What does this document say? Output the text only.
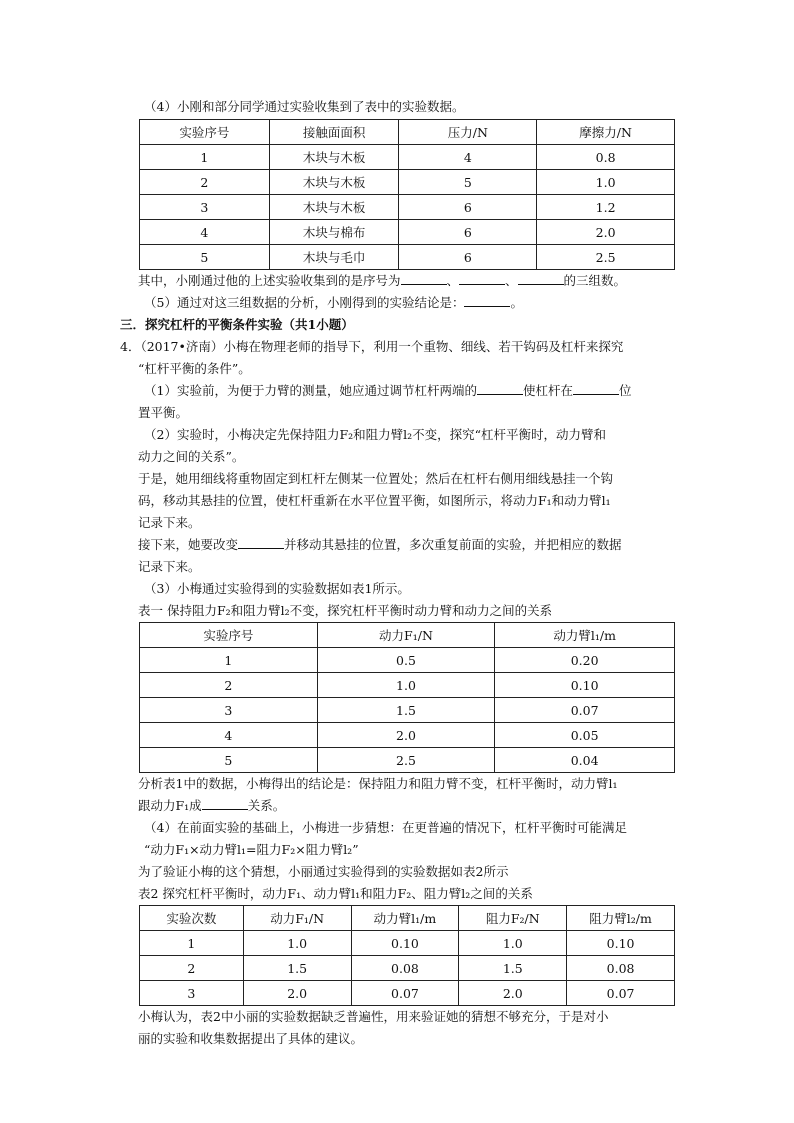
（4）小刚和部分同学通过实验收集到了表中的实验数据。

实验序号	接触面面积	压力/N	摩擦力/N
1	木块与木板	4	0.8
2	木块与木板	5	1.0
3	木块与木板	6	1.2
4	木块与棉布	6	2.0
5	木块与毛巾	6	2.5

其中，小刚通过他的上述实验收集到的是序号为	、	、	的三组数。

（5）通过对这三组数据的分析，小刚得到的实验结论是：	。

三．探究杠杆的平衡条件实验（共1小题）

4．（2017•济南）小梅在物理老师的指导下，利用一个重物、细线、若干钩码及杠杆来探究

“杠杆平衡的条件”。

（1）实验前，为便于力臂的测量，她应通过调节杠杆两端的	使杠杆在	位

置平衡。

（2）实验时，小梅决定先保持阻力F₂和阻力臂l₂不变，探究“杠杆平衡时，动力臂和

动力之间的关系”。

于是，她用细线将重物固定到杠杆左侧某一位置处；然后在杠杆右侧用细线悬挂一个钩

码，移动其悬挂的位置，使杠杆重新在水平位置平衡，如图所示，将动力F₁和动力臂l₁

记录下来。

接下来，她要改变	并移动其悬挂的位置，多次重复前面的实验，并把相应的数据

记录下来。

（3）小梅通过实验得到的实验数据如表1所示。

表一 保持阻力F₂和阻力臂l₂不变，探究杠杆平衡时动力臂和动力之间的关系

实验序号	动力F₁/N	动力臂l₁/m
1	0.5	0.20
2	1.0	0.10
3	1.5	0.07
4	2.0	0.05
5	2.5	0.04

分析表1中的数据，小梅得出的结论是：保持阻力和阻力臂不变，杠杆平衡时，动力臂l₁

跟动力F₁成	关系。

（4）在前面实验的基础上，小梅进一步猜想：在更普遍的情况下，杠杆平衡时可能满足

“动力F₁×动力臂l₁=阻力F₂×阻力臂l₂”

为了验证小梅的这个猜想，小丽通过实验得到的实验数据如表2所示

表2 探究杠杆平衡时，动力F₁、动力臂l₁和阻力F₂、阻力臂l₂之间的关系

实验次数	动力F₁/N	动力臂l₁/m	阻力F₂/N	阻力臂l₂/m
1	1.0	0.10	1.0	0.10
2	1.5	0.08	1.5	0.08
3	2.0	0.07	2.0	0.07

小梅认为，表2中小丽的实验数据缺乏普遍性，用来验证她的猜想不够充分，于是对小

丽的实验和收集数据提出了具体的建议。
